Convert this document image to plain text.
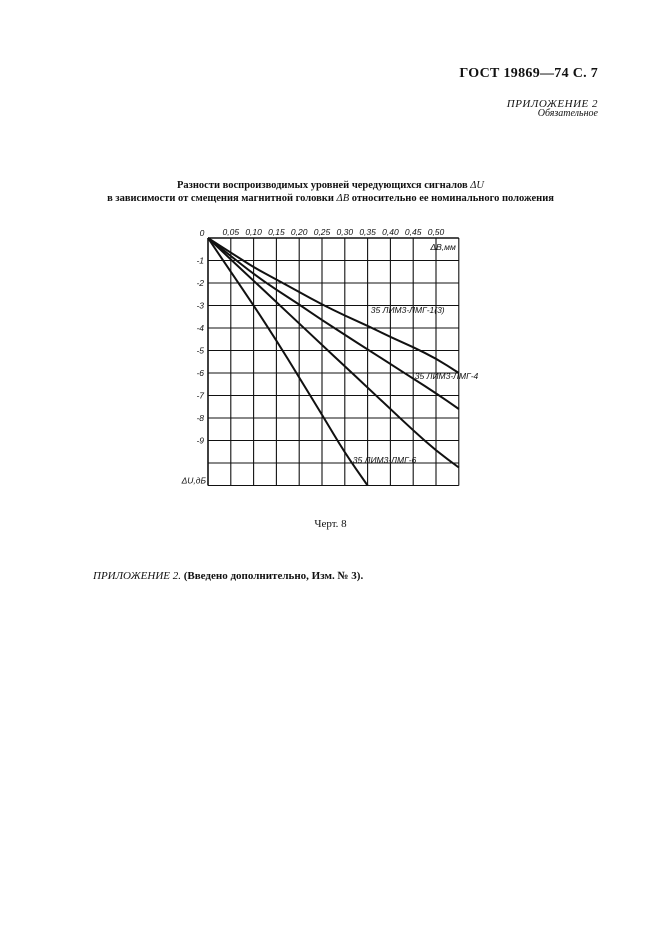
ГОСТ 19869—74 С. 7
ПРИЛОЖЕНИЕ 2
Обязательное
Разности воспроизводимых уровней чередующихся сигналов ΔU
в зависимости от смещения магнитной головки ΔB относительно ее номинального положения
0 0,05 0,10 0,15 0,20 0,25 0,30 0,35 0,40 0,45 0,50
-1
-2
-3
-4
-5
-6
-7
-8
-9
ΔB,мм
ΔU,дБ
35 ЛИМ3-ЛМГ-1(3)
35 ЛИМ3-ЛМГ-4
35 ЛИМ3-ЛМГ-6
Черт. 8
ПРИЛОЖЕНИЕ 2. (Введено дополнительно, Изм. № 3).
